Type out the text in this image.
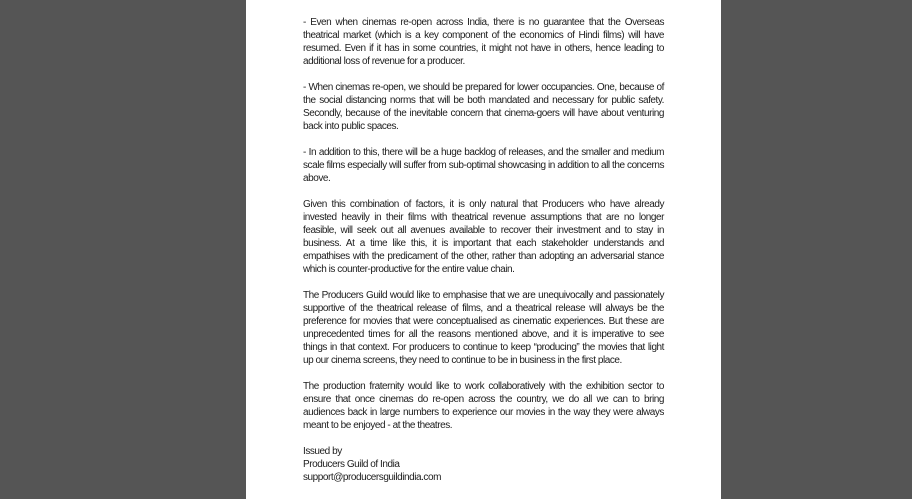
- Even when cinemas re-open across India, there is no guarantee that the Overseas theatrical market (which is a key component of the economics of Hindi films) will have resumed. Even if it has in some countries, it might not have in others, hence leading to additional loss of revenue for a producer.

- When cinemas re-open, we should be prepared for lower occupancies. One, because of the social distancing norms that will be both mandated and necessary for public safety. Secondly, because of the inevitable concern that cinema-goers will have about venturing back into public spaces.

- In addition to this, there will be a huge backlog of releases, and the smaller and medium scale films especially will suffer from sub-optimal showcasing in addition to all the concerns above.

Given this combination of factors, it is only natural that Producers who have already invested heavily in their films with theatrical revenue assumptions that are no longer feasible, will seek out all avenues available to recover their investment and to stay in business. At a time like this, it is important that each stakeholder understands and empathises with the predicament of the other, rather than adopting an adversarial stance which is counter-productive for the entire value chain.

The Producers Guild would like to emphasise that we are unequivocally and passionately supportive of the theatrical release of films, and a theatrical release will always be the preference for movies that were conceptualised as cinematic experiences. But these are unprecedented times for all the reasons mentioned above, and it is imperative to see things in that context. For producers to continue to keep “producing” the movies that light up our cinema screens, they need to continue to be in business in the first place.

The production fraternity would like to work collaboratively with the exhibition sector to ensure that once cinemas do re-open across the country, we do all we can to bring audiences back in large numbers to experience our movies in the way they were always meant to be enjoyed - at the theatres.

Issued by
Producers Guild of India
support@producersguildindia.com
